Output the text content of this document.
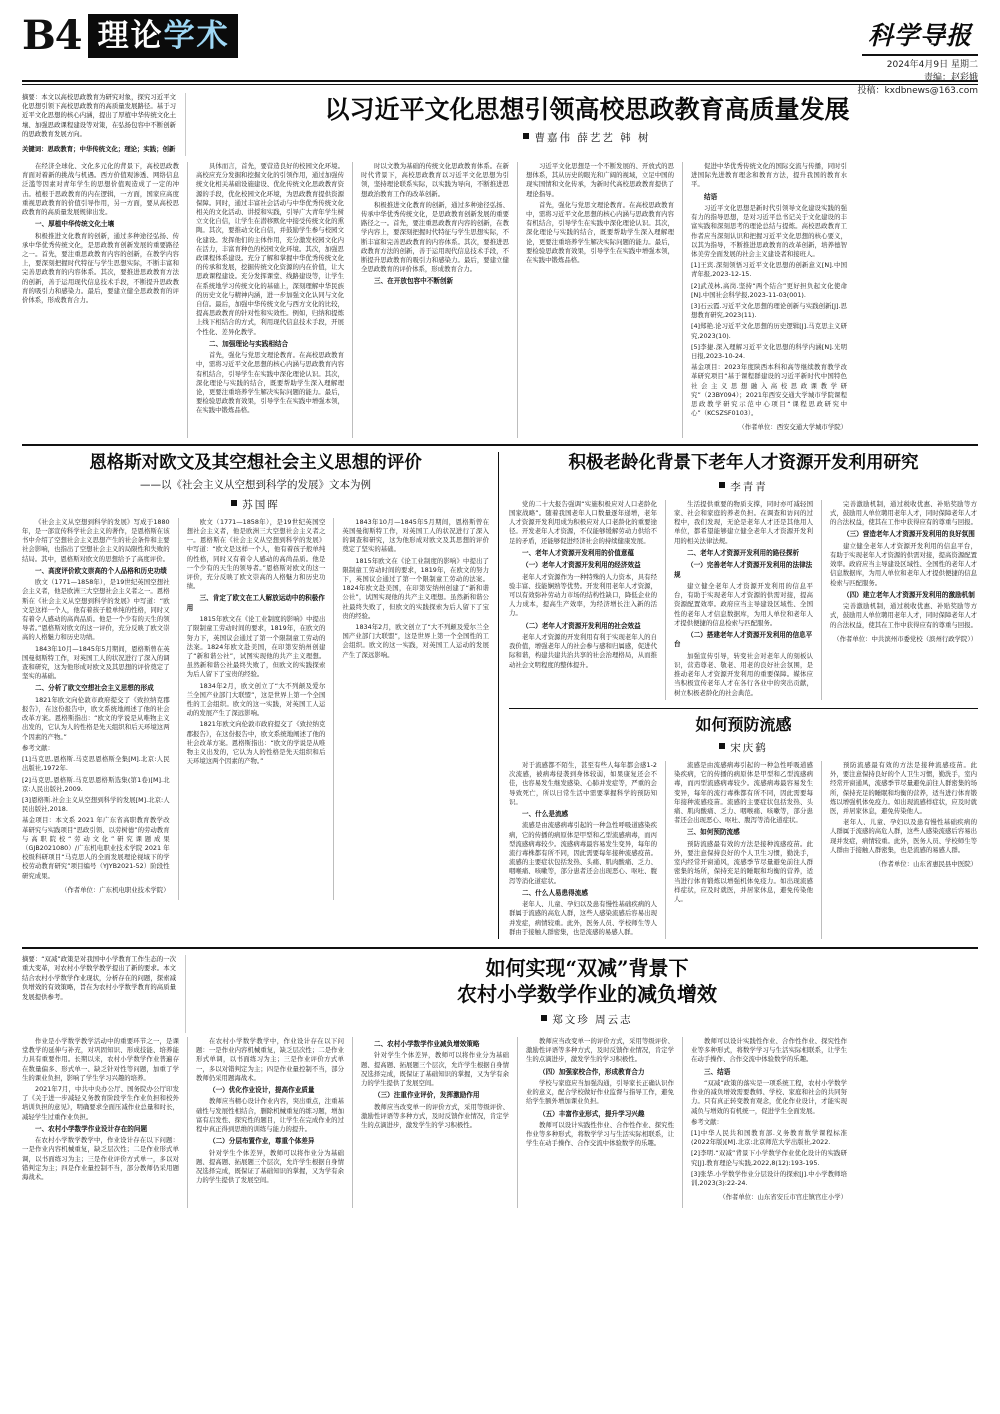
B4 理 论 学 术	科学导报
2024年4月9日 星期二
责编：赵彩娥
投稿：kxdbnews@163.com

摘要：本文以高校思政教育为研究对象，探究习近平文化思想引领下高校思政教育的高质量发展路径。基于习近平文化思想的核心内涵，提出了厚植中华传统文化土壤、加强思政课程建设等对策，在弘扬包容中不断创新的思政教育发展方向。

关键词：思政教育；中华传统文化；理论；实践；创新

以习近平文化思想引领高校思政教育高质量发展
曹嘉伟 薛艺艺 韩 树

在经济全球化、文化多元化的背景下，高校思政教育面对着新的挑战与机遇。西方价值观渗透、网络信息泛滥等因素对青年学生的思想价值观造成了一定的冲击。植根于思政教育的内在逻辑，一方面，国家应高度重视思政教育的价值引导作用，另一方面，要从高校思政教育的高质量发展规律出发。

一、厚植中华传统文化土壤

积极推进文化教育的创新，通过多种途径弘扬、传承中华优秀传统文化，是思政教育创新发展的重要路径之一。首先，要注重思政教育内容的创新，在教学内容上，要深刻把握时代特征与学生思想实际，不断丰富和完善思政教育的内容体系。其次，要推进思政教育方法的创新，善于运用现代信息技术手段，不断提升思政教育的吸引力和感染力。最后，要建立健全思政教育的评价体系，形成教育合力。

具体而言，首先，要营造良好的校园文化环境。高校应充分发掘和挖掘文化的引领作用，通过加强传统文化相关基础设施建设、优化传统文化思政教育资源的手段，优化校园文化环境，为思政教育提供资源保障。同时，通过丰富社会活动与中华优秀传统文化相关的文化活动、讲授和实践，引导广大青年学生树立文化自信，让学生在潜移默化中接受传统文化的熏陶。其次，要推动文化自信，并鼓励学生参与校园文化建设。发挥他们的主体作用，充分激发校园文化内在活力，丰富育种色的校园文化环境。其次，加强思政课程体系建设。充分了解和掌握中华优秀传统文化的传承和发展，挖掘传统文化资源的内在价值，让大思政课程建设。充分发挥课堂、线路建设等，让学生在系统地学习传统文化的基础上，深刻理解中华民族的历史文化与精神内涵，进一步加强文化认同与文化自信。最后，加强中华传统文化与西方文化的比较，提高思政教育的针对性和实效性。例如，归纳和提炼上线下相结合的方式，利用现代信息技术手段，开展个性化、差异化教学。

二、加强理论与实践相结合

首先，强化与党思文理论教育。在高校思政教育中，需将习近平文化思想的核心内涵与思政教育内容有机结合，引导学生在实践中深化理论认识。其次，深化理论与实践的结合，既要帮助学生深入理解理论，更要注重培养学生解决实际问题的能力。最后，要检验思政教育效果，引导学生在实践中增强本领，在实践中锻炼品格。

时以文教为基础的传统文化思政教育体系。在新时代背景下，高校思政教育以习近平文化思想为引领，坚持理论联系实际，以实践为导向，不断推进思想政治教育工作的改革创新。

积极推进文化教育的创新，通过多种途径弘扬、传承中华优秀传统文化，是思政教育创新发展的重要路径之一。首先，要注重思政教育内容的创新，在教学内容上，要深刻把握时代特征与学生思想实际，不断丰富和完善思政教育的内容体系。其次，要推进思政教育方法的创新，善于运用现代信息技术手段，不断提升思政教育的吸引力和感染力。最后，要建立健全思政教育的评价体系，形成教育合力。

三、在开放包容中不断创新

习近平文化思想是一个不断发展的、开放式的思想体系，其从历史的眼光和广阔的视域，立足中国的现实国情和文化传承，为新时代高校思政教育提供了理论指导。

首先，强化与党思文理论教育。在高校思政教育中，需将习近平文化思想的核心内涵与思政教育内容有机结合，引导学生在实践中深化理论认识。其次，深化理论与实践的结合，既要帮助学生深入理解理论，更要注重培养学生解决实际问题的能力。最后，要检验思政教育效果，引导学生在实践中增强本领，在实践中锻炼品格。

促进中华优秀传统文化的国际交流与传播，同时引进国际先进教育理念和教育方法，提升我国的教育水平。

结语

习近平文化思想是新时代引领导文化建设实践的强有力的指导思想，是对习近平总书记关于文化建设的丰富实践和深刻思考的理论总结与提炼。高校思政教育工作者应当深刻认识和把握习近平文化思想的核心要义，以其为指导，不断推进思政教育的改革创新，培养德智体美劳全面发展的社会主义建设者和接班人。

[1]王宾.深刻领悟习近平文化思想的创新意义[N].中国青年报,2023-12-15.

[2]武茂林,高岗.坚持“两个结合”更好担负起文化使命[N].中国社会科学报,2023-11-03(001).

[3]石云霞.习近平文化思想的理论创新与实践创新[J].思想教育研究,2023(11).

[4]郑艳.论习近平文化思想的历史逻辑[J].马克思主义研究,2023(10).

[5]李捷.深入理解习近平文化思想的科学内涵[N].光明日报,2023-10-24.

基金项目：2023年度陕西本科和高等继续教育教学改革研究项目“基于课程群建设的习近平新时代中国特色社会主义思想融入高校思政课教学研究”（23BY094）；2021年西安交通大学城市学院课程思政教学研究示范中心项目“课程思政研究中心”（KCSZSF0103）。

（作者单位：西安交通大学城市学院）

恩格斯对欧文及其空想社会主义思想的评价
——以《社会主义从空想到科学的发展》文本为例
苏国晖

《社会主义从空想到科学的发展》写成于1880年，是一部宣传科学社会主义的著作，是恩格斯在该书中介绍了空想社会主义思想产生的社会条件和主要社会影响，也指出了空想社会主义的局限性和失败的结局。其中，恩格斯对欧文的思想给予了高度评价。

一、高度评价欧文崇高的个人品格和历史功绩

欧文（1771—1858年），是19世纪英国空想社会主义者，他是欧洲三大空想社会主义者之一。恩格斯在《社会主义从空想到科学的发展》中写道：“欧文是这样一个人，他有着孩子般单纯的性格，同时又有着令人感动的高尚品质。他是一个少有的天生的领导者。”恩格斯对欧文的这一评价，充分反映了欧文崇高的人格魅力和历史功绩。

1843年10月—1845年5月期间，恩格斯曾在英国曼彻斯特工作，对英国工人的状况进行了深入的调查和研究，这为他形成对欧文及其思想的评价奠定了坚实的基础。

二、分析了欧文空想社会主义思想的形成

1821年欧文向伦敦市政府提交了《致拉纳克郡报告》，在这份报告中，欧文系统地阐述了他的社会改革方案。恩格斯指出：“欧文的学说是从唯物主义出发的，它认为人的性格是先天组织和后天环境这两个因素的产物。”

参考文献：

[1]马克思,恩格斯.马克思恩格斯全集[M].北京:人民出版社,1972年.

[2]马克思,恩格斯.马克思恩格斯选集(第1卷)[M].北京:人民出版社,2009.

[3]恩格斯.社会主义从空想到科学的发展[M].北京:人民出版社,2018.

基金项目：本文系 2021 年广东省高职教育教学改革研究与实践项目“思政引领、以劳树德”的劳动教育与高职院校“劳动文化”研究课题成果（GJB2021080）/广东机电职业技术学院 2021 年校级科研项目“马克思人的全面发展理论视域下的学校劳动教育研究”项目编号（YJYB2021-52）阶段性研究成果。

（作者单位：广东机电职业技术学院）

欧文（1771—1858年），是19世纪英国空想社会主义者，他是欧洲三大空想社会主义者之一。恩格斯在《社会主义从空想到科学的发展》中写道：“欧文是这样一个人，他有着孩子般单纯的性格，同时又有着令人感动的高尚品质。他是一个少有的天生的领导者。”恩格斯对欧文的这一评价，充分反映了欧文崇高的人格魅力和历史功绩。

三、肯定了欧文在工人解放运动中的积极作用

1815年欧文在《论工业制度的影响》中提出了限制童工劳动时间的要求，1819年，在欧文的努力下，英国议会通过了第一个限制童工劳动的法案。1824年欧文赴美国，在印第安纳州创建了“新和谐公社”，试图实现他的共产主义理想。虽然新和谐公社最终失败了，但欧文的实践探索为后人留下了宝贵的经验。

1834年2月，欧文创立了“大不列颠及爱尔兰全国产业部门大联盟”，这是世界上第一个全国性的工会组织。欧文的这一实践，对英国工人运动的发展产生了深远影响。

1821年欧文向伦敦市政府提交了《致拉纳克郡报告》，在这份报告中，欧文系统地阐述了他的社会改革方案。恩格斯指出：“欧文的学说是从唯物主义出发的，它认为人的性格是先天组织和后天环境这两个因素的产物。”

1843年10月—1845年5月期间，恩格斯曾在英国曼彻斯特工作，对英国工人的状况进行了深入的调查和研究，这为他形成对欧文及其思想的评价奠定了坚实的基础。

1815年欧文在《论工业制度的影响》中提出了限制童工劳动时间的要求，1819年，在欧文的努力下，英国议会通过了第一个限制童工劳动的法案。1824年欧文赴美国，在印第安纳州创建了“新和谐公社”，试图实现他的共产主义理想。虽然新和谐公社最终失败了，但欧文的实践探索为后人留下了宝贵的经验。

1834年2月，欧文创立了“大不列颠及爱尔兰全国产业部门大联盟”，这是世界上第一个全国性的工会组织。欧文的这一实践，对英国工人运动的发展产生了深远影响。

积极老龄化背景下老年人才资源开发利用研究
李青青

党的二十大报告强调“实施积极应对人口老龄化国家战略”。随着我国老年人口数量逐年递增，老年人才资源开发利用成为积极应对人口老龄化的重要途径。开发老年人才资源，不仅能够缓解劳动力供给不足的矛盾，还能够促进经济社会的持续健康发展。

一、老年人才资源开发利用的价值意蕴

（一）老年人才资源开发利用的经济效益

老年人才资源作为一种特殊的人力资本，具有经验丰富、技能娴熟等优势。开发利用老年人才资源，可以有效弥补劳动力市场的结构性缺口，降低企业的人力成本，提高生产效率，为经济增长注入新的活力。

（二）老年人才资源开发利用的社会效益

老年人才资源的开发利用有利于实现老年人的自我价值，增强老年人的社会参与感和归属感，促进代际和谐，构建共建共治共享的社会治理格局，从而推动社会文明程度的整体提升。

生活提供重要的物质支撑，同时亦可减轻国家、社会和家庭的养老负担。在调查和访问的过程中，我们发现，无论是老年人才还是其他用人单位，都希望能够建立健全老年人才资源开发利用的相关法律法规。

二、老年人才资源开发利用的路径探析

（一）完善老年人才资源开发利用的法律法规

建立健全老年人才资源开发利用的信息平台，有助于实现老年人才资源的供需对接，提高资源配置效率。政府应当主导建设区域性、全国性的老年人才信息数据库，为用人单位和老年人才提供便捷的信息检索与匹配服务。

（二）搭建老年人才资源开发利用的信息平台

加强宣传引导，转变社会对老年人的刻板认识，营造尊老、敬老、用老的良好社会氛围，是推动老年人才资源开发利用的重要保障。媒体应当积极宣传老年人才在各行各业中的突出贡献，树立积极老龄化的社会典范。

完善激励机制，通过税收优惠、补贴奖励等方式，鼓励用人单位聘用老年人才，同时保障老年人才的合法权益，使其在工作中获得应有的尊重与回报。

（三）营造老年人才资源开发利用的良好氛围

建立健全老年人才资源开发利用的信息平台，有助于实现老年人才资源的供需对接，提高资源配置效率。政府应当主导建设区域性、全国性的老年人才信息数据库，为用人单位和老年人才提供便捷的信息检索与匹配服务。

（四）建立老年人才资源开发利用的激励机制

完善激励机制，通过税收优惠、补贴奖励等方式，鼓励用人单位聘用老年人才，同时保障老年人才的合法权益，使其在工作中获得应有的尊重与回报。

（作者单位：中共滨州市委党校（滨州行政学院））

如何预防流感
宋庆鹤

对于流感都不陌生，甚至有些人每年都会感1-2次流感，被病毒侵袭到身体较弱，如果康复还会不佳，也容易发生继发感染、心肺并发症等，严重的会导致死亡，所以日常生活中需要掌握科学的预防知识。

一、什么是流感

流感是由流感病毒引起的一种急性呼吸道感染疾病，它的传播的病原体是甲型和乙型流感病毒，而丙型流感病毒较少。流感病毒最容易发生变异，每年的流行毒株都有所不同，因此需要每年接种流感疫苗。流感的主要症状包括发热、头痛、肌肉酸痛、乏力、咽喉痛、咳嗽等，部分患者还会出现恶心、呕吐、腹泻等消化道症状。

二、什么人易患得流感

老年人、儿童、孕妇以及患有慢性基础疾病的人群属于流感的高危人群，这些人感染流感后容易出现并发症，病情较重。此外，医务人员、学校师生等人群由于接触人群密集，也是流感的易感人群。

流感是由流感病毒引起的一种急性呼吸道感染疾病，它的传播的病原体是甲型和乙型流感病毒，而丙型流感病毒较少。流感病毒最容易发生变异，每年的流行毒株都有所不同，因此需要每年接种流感疫苗。流感的主要症状包括发热、头痛、肌肉酸痛、乏力、咽喉痛、咳嗽等，部分患者还会出现恶心、呕吐、腹泻等消化道症状。

三、如何预防流感

预防流感最有效的方法是接种流感疫苗。此外，要注意保持良好的个人卫生习惯，勤洗手，室内经常开窗通风，流感季节尽量避免前往人群密集的场所，保持充足的睡眠和均衡的营养，适当进行体育锻炼以增强机体免疫力。如出现流感样症状，应及时就医，并居家休息，避免传染他人。

预防流感最有效的方法是接种流感疫苗。此外，要注意保持良好的个人卫生习惯，勤洗手，室内经常开窗通风，流感季节尽量避免前往人群密集的场所，保持充足的睡眠和均衡的营养，适当进行体育锻炼以增强机体免疫力。如出现流感样症状，应及时就医，并居家休息，避免传染他人。

老年人、儿童、孕妇以及患有慢性基础疾病的人群属于流感的高危人群，这些人感染流感后容易出现并发症，病情较重。此外，医务人员、学校师生等人群由于接触人群密集，也是流感的易感人群。

（作者单位：山东省惠民县中医院）

摘要：“双减”政策是对我国中小学教育工作生态的一次重大变革，对农村小学数学教学提出了新的要求。本文结合农村小学数学作业现状，分析存在的问题，探索减负增效的有效策略，旨在为农村小学数学教育的高质量发展提供参考。

如何实现“双减”背景下
农村小学数学作业的减负增效
郑文珍 周云志

作业是小学数学教学活动中的重要环节之一，是课堂教学的延伸与补充，对巩固知识、形成技能、培养能力具有重要作用。长期以来，农村小学数学作业普遍存在数量偏多、形式单一、缺乏针对性等问题，加重了学生的课业负担，影响了学生学习兴趣的培养。

2021年7月，中共中央办公厅、国务院办公厅印发了《关于进一步减轻义务教育阶段学生作业负担和校外培训负担的意见》，明确要求全面压减作业总量和时长，减轻学生过重作业负担。

一、农村小学数学作业设计存在的问题

在农村小学数学教学中，作业设计存在以下问题：一是作业内容机械重复，缺乏层次性；二是作业形式单调，以书面练习为主；三是作业评价方式单一，多以对错判定为主；四是作业量控制不当，部分教师仍采用题海战术。

在农村小学数学教学中，作业设计存在以下问题：一是作业内容机械重复，缺乏层次性；二是作业形式单调，以书面练习为主；三是作业评价方式单一，多以对错判定为主；四是作业量控制不当，部分教师仍采用题海战术。

（一）优化作业设计，提高作业质量

教师应当精心设计作业内容，突出重点，注重基础性与发展性相结合，删除机械重复的练习题，增加富有启发性、探究性的题目，让学生在完成作业的过程中真正得到思维的训练与能力的提升。

（二）分层布置作业，尊重个体差异

针对学生个体差异，教师可以将作业分为基础题、提高题、拓展题三个层次，允许学生根据自身情况选择完成，既保证了基础知识的掌握，又为学有余力的学生提供了发展空间。

二、农村小学数学作业减负增效策略

针对学生个体差异，教师可以将作业分为基础题、提高题、拓展题三个层次，允许学生根据自身情况选择完成，既保证了基础知识的掌握，又为学有余力的学生提供了发展空间。

（三）注重作业评价，发挥激励作用

教师应当改变单一的评价方式，采用等级评价、激励性评语等多种方式，及时反馈作业情况，肯定学生的点滴进步，激发学生的学习积极性。

教师应当改变单一的评价方式，采用等级评价、激励性评语等多种方式，及时反馈作业情况，肯定学生的点滴进步，激发学生的学习积极性。

（四）加强家校合作，形成教育合力

学校与家庭应当加强沟通，引导家长正确认识作业的意义，配合学校做好作业监督与指导工作，避免给学生额外增加课业负担。

（五）丰富作业形式，提升学习兴趣

教师可以设计实践性作业、合作性作业、探究性作业等多种形式，将数学学习与生活实际相联系，让学生在动手操作、合作交流中体验数学的乐趣。

教师可以设计实践性作业、合作性作业、探究性作业等多种形式，将数学学习与生活实际相联系，让学生在动手操作、合作交流中体验数学的乐趣。

三、结语

“双减”政策的落实是一项系统工程，农村小学数学作业的减负增效需要教师、学校、家庭和社会的共同努力。只有真正转变教育观念，优化作业设计，才能实现减负与增效的有机统一，促进学生全面发展。

参考文献：

[1]中华人民共和国教育部.义务教育数学课程标准(2022年版)[M].北京:北京师范大学出版社,2022.

[2]李明.“双减”背景下小学数学作业优化设计的实践研究[J].教育理论与实践,2022,8(12):193-195.

[3]张华.小学数学作业分层设计的探索[J].中小学教师培训,2023(3):22-24.

（作者单位：山东省安丘市官庄镇官庄小学）
